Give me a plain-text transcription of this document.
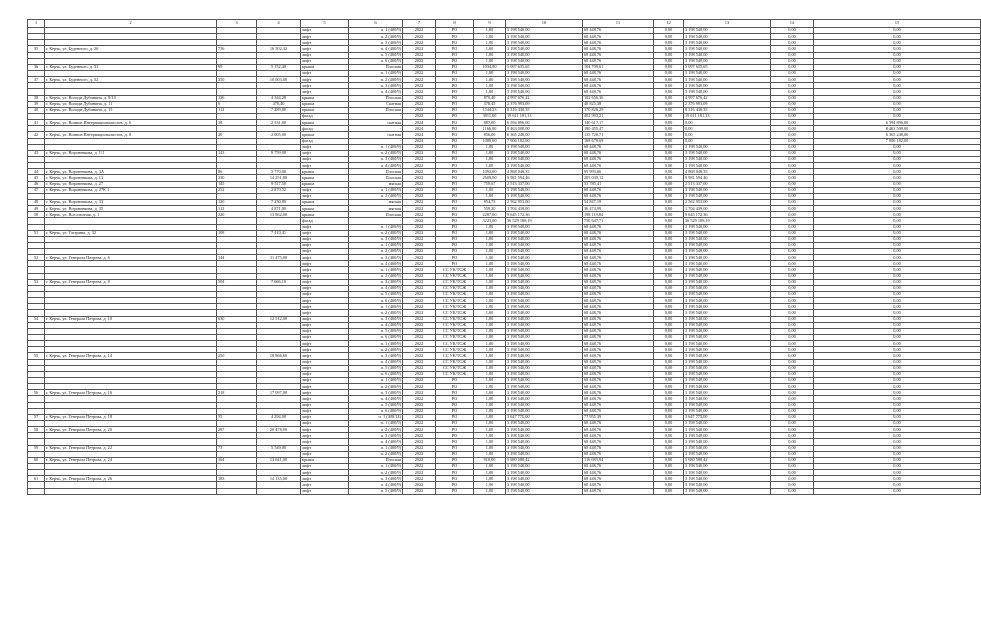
1	2	3	4	5	6	7	8	9	10	11	12	13	14	15
				лифт	п. 1 (400/9)	2022	РО	1,00	3 198 540,00	68 448,76	0,00	3 198 540,00	0,00	0,00
				лифт	п. 2 (400/9)	2022	РО	1,00	3 198 540,00	68 448,76	0,00	3 198 540,00	0,00	0,00
				лифт	п. 3 (400/9)	2022	РО	1,00	3 198 540,00	68 448,76	0,00	3 198 540,00	0,00	0,00
35	г. Керчь, ул. Буденного, д. 26	756	16 502,42	лифт	п. 4 (400/9)	2022	РО	1,00	3 198 540,00	68 448,76	0,00	3 198 540,00	0,00	0,00
				лифт	п. 5 (400/9)	2022	РО	1,00	3 198 540,00	68 448,76	0,00	3 198 540,00	0,00	0,00
				лифт	п. 6 (400/9)	2022	РО	1,00	3 198 540,00	68 448,76	0,00	3 198 540,00	0,00	0,00
36	г. Керчь, ул. Буденного, д. 31	69	5 152,40	крыша	Плоская	2022	РО	1034,00	5 097 635,65	104 709,61	0,00	5 097 635,65	0,00	0,00
				лифт	п. 1 (400/9)	2022	РО	1,00	3 198 540,00	68 448,76	0,00	3 198 540,00	0,00	0,00
37	г. Керчь, ул. Буденного, д. 32	350	10 003,00	лифт	п. 2 (400/9)	2022	РО	1,00	3 198 540,00	68 448,76	0,00	3 198 540,00	0,00	0,00
				лифт	п. 3 (400/9)	2022	РО	1,00	3 198 540,00	68 448,76	0,00	3 198 540,00	0,00	0,00
				лифт	п. 4 (400/9)	2022	РО	1,00	3 198 540,00	68 448,76	0,00	3 198 540,00	0,00	0,00
38	г. Керчь, ул. Володи Дубинина, д. 9/19	126	4 344,28	крыша	Плоская	2022	РО	870,40	4 997 676,42	102 656,36	0,00	4 997 676,42	0,00	0,00
39	г. Керчь, ул. Володи Дубинина, д. 11	6	478,40	крыша	Скатная	2022	РО	378,45	2 376 993,09	48 825,38	0,00	2 376 993,09	0,00	0,00
40	г. Керчь, ул. Володи Дубинина, д. 15	112	7 289,80	крыша	Плоская	2022	РО	1544,23	8 316 430,35	170 826,29	0,00	8 316 430,35	0,00	0,00
				фасад	-	2022	РО	3911,00	19 611 181,13	402 993,21	0,00	19 611 181,13	0,00	0,00
41	г. Керчь, ул. Воинов Интернационалистов, д. 6	18	2 531,00	крыша	скатная	2024	РО	887,00	6 594 896,00	140 617,17	0,00	0,00	0,00	6 594 896,00
				фасад	-	2024	РО	1166,00	8 463 508,00	180 455,47	0,00	0,00	0,00	8 463 508,00
42	г. Керчь, ул. Воинов Интернационалистов, д. 8	20	2 005,00	крыша	скатная	2024	РО	856,00	6 365 248,00	135 720,71	0,00	0,00	0,00	6 365 248,00
				фасад	-	2024	РО	1089,00	7 906 182,00	168 678,69	0,00	0,00	0,00	7 906 182,00
				лифт	п. 1 (400/9)	2022	РО	1,00	3 198 540,00	68 448,76	0,00	3 198 540,00	0,00	0,00
43	г. Керчь, ул. Вороненкова, д. 1/1	143	9 759,00	лифт	п. 2 (400/9)	2022	РО	1,00	3 198 540,00	68 448,76	0,00	3 198 540,00	0,00	0,00
				лифт	п. 3 (400/9)	2022	РО	1,00	3 198 540,00	68 448,76	0,00	3 198 540,00	0,00	0,00
				лифт	п. 4 (400/9)	2022	РО	1,00	3 198 540,00	68 448,76	0,00	3 198 540,00	0,00	0,00
44	г. Керчь, ул. Вороненкова, д. 3А	86	5 770,00	крыша	Плоская	2022	РО	1092,00	4 868 046,35	99 993,66	0,00	4 868 046,35	0,00	0,00
45	г. Керчь, ул. Вороненкова, д. 13	230	14 251,80	крыша	Плоская	2022	РО	2609,00	9 981 594,46	205 030,12	0,00	9 981 594,46	0,00	0,00
46	г. Керчь, ул. Вороненкова, д. 27	145	9 517,50	крыша	мягкая	2022	РО	759,67	2 513 337,00	53 785,41	0,00	2 513 337,00	0,00	0,00
47	г. Керчь, ул. Вороненкова, д. 27К 1	252	2 870,52	лифт	п. 1 (400/9)	2022	РО	1,00	3 198 540,00	68 448,76	0,00	3 198 540,00	0,00	0,00
				лифт	п. 2 (400/9)	2022	РО	1,00	3 198 540,00	68 448,76	0,00	3 198 540,00	0,00	0,00
48	г. Керчь, ул. Вороненкова, д. 33	120	7 230,80	крыша	мягкая	2022	РО	854,73	2 562 953,00	54 847,19	0,00	2 562 953,00	0,00	0,00
49	г. Керчь, ул. Вороненкова, д. 35	112	4 871,00	крыша	мягкая	2022	РО	559,20	1 704 439,00	36 474,99	0,00	1 704 439,00	0,00	0,00
50	г. Керчь, ул. Всесоюзная, д. 1	220	13 862,00	крыша	Плоская	2022	РО	2287,00	9 645 172,36	198 119,84	0,00	9 645 172,36	0,00	0,00
				фасад	-	2022	РО	3223,00	36 529 188,19	750 647,71	0,00	36 529 188,19	0,00	0,00
				лифт	п. 1 (400/9)	2022	РО	1,00	3 198 540,00	68 448,76	0,00	3 198 540,00	0,00	0,00
51	г. Керчь, ул. Гагарина, д. 32	108	7 410,41	лифт	п. 2 (400/9)	2022	РО	1,00	3 198 540,00	68 448,76	0,00	3 198 540,00	0,00	0,00
				лифт	п. 3 (400/9)	2022	РО	1,00	3 198 540,00	68 448,76	0,00	3 198 540,00	0,00	0,00
				лифт	п. 1 (400/9)	2022	РО	1,00	3 198 540,00	68 448,76	0,00	3 198 540,00	0,00	0,00
				лифт	п. 2 (400/9)	2022	РО	1,00	3 198 540,00	68 448,76	0,00	3 198 540,00	0,00	0,00
52	г. Керчь, ул. Генерала Петрова, д. 6	144	11 475,00	лифт	п. 3 (400/9)	2022	РО	1,00	3 198 540,00	68 448,76	0,00	3 198 540,00	0,00	0,00
				лифт	п. 4 (400/9)	2022	РО	1,00	3 198 540,00	68 448,76	0,00	3 198 540,00	0,00	0,00
				лифт	п. 1 (400/9)	2022	СС УК/ТСЖ	1,00	3 198 540,00	68 448,76	0,00	3 198 540,00	0,00	0,00
				лифт	п. 2 (400/9)	2022	СС УК/ТСЖ	1,00	3 198 540,00	68 448,76	0,00	3 198 540,00	0,00	0,00
53	г. Керчь, ул. Генерала Петрова, д. 8	504	7 666,10	лифт	п. 3 (400/9)	2022	СС УК/ТСЖ	1,00	3 198 540,00	68 448,76	0,00	3 198 540,00	0,00	0,00
				лифт	п. 4 (400/9)	2022	СС УК/ТСЖ	1,00	3 198 540,00	68 448,76	0,00	3 198 540,00	0,00	0,00
				лифт	п. 5 (400/9)	2022	СС УК/ТСЖ	1,00	3 198 540,00	68 448,76	0,00	3 198 540,00	0,00	0,00
				лифт	п. 6 (400/9)	2022	СС УК/ТСЖ	1,00	3 198 540,00	68 448,76	0,00	3 198 540,00	0,00	0,00
				лифт	п. 1 (400/9)	2022	СС УК/ТСЖ	1,00	3 198 540,00	68 448,76	0,00	3 198 540,00	0,00	0,00
				лифт	п. 2 (400/9)	2022	СС УК/ТСЖ	1,00	3 198 540,00	68 448,76	0,00	3 198 540,00	0,00	0,00
54	г. Керчь, ул. Генерала Петрова, д. 10	630	12 512,00	лифт	п. 3 (400/9)	2022	СС УК/ТСЖ	1,00	3 198 540,00	68 448,76	0,00	3 198 540,00	0,00	0,00
				лифт	п. 4 (400/9)	2022	СС УК/ТСЖ	1,00	3 198 540,00	68 448,76	0,00	3 198 540,00	0,00	0,00
				лифт	п. 5 (400/9)	2022	СС УК/ТСЖ	1,00	3 198 540,00	68 448,76	0,00	3 198 540,00	0,00	0,00
				лифт	п. 6 (400/9)	2022	СС УК/ТСЖ	1,00	3 198 540,00	68 448,76	0,00	3 198 540,00	0,00	0,00
				лифт	п. 1 (400/9)	2022	СС УК/ТСЖ	1,00	3 198 540,00	68 448,76	0,00	3 198 540,00	0,00	0,00
				лифт	п. 2 (400/9)	2022	СС УК/ТСЖ	1,00	3 198 540,00	68 448,76	0,00	3 198 540,00	0,00	0,00
55	г. Керчь, ул. Генерала Петрова, д. 14	250	18 866,60	лифт	п. 3 (400/9)	2022	СС УК/ТСЖ	1,00	3 198 540,00	68 448,76	0,00	3 198 540,00	0,00	0,00
				лифт	п. 4 (400/9)	2022	СС УК/ТСЖ	1,00	3 198 540,00	68 448,76	0,00	3 198 540,00	0,00	0,00
				лифт	п. 5 (400/9)	2022	СС УК/ТСЖ	1,00	3 198 540,00	68 448,76	0,00	3 198 540,00	0,00	0,00
				лифт	п. 6 (400/9)	2022	СС УК/ТСЖ	1,00	3 198 540,00	68 448,76	0,00	3 198 540,00	0,00	0,00
				лифт	п. 1 (400/9)	2022	РО	1,00	3 198 540,00	68 448,76	0,00	3 198 540,00	0,00	0,00
				лифт	п. 2 (400/9)	2022	РО	1,00	3 198 540,00	68 448,76	0,00	3 198 540,00	0,00	0,00
56	г. Керчь, ул. Генерала Петрова, д. 16	218	17 097,00	лифт	п. 3 (400/9)	2022	РО	1,00	3 198 540,00	68 448,76	0,00	3 198 540,00	0,00	0,00
				лифт	п. 4 (400/9)	2022	РО	1,00	3 198 540,00	68 448,76	0,00	3 198 540,00	0,00	0,00
				лифт	п. 5 (400/9)	2022	РО	1,00	3 198 540,00	68 448,76	0,00	3 198 540,00	0,00	0,00
				лифт	п. 6 (400/9)	2022	РО	1,00	3 198 540,00	68 448,76	0,00	3 198 540,00	0,00	0,00
57	г. Керчь, ул. Генерала Петрова, д. 18	55	4 294,00	лифт	п. 1 (400/14)	2022	РО	1,00	3 647 775,00	77 955,39	0,00	3 647 775,00	0,00	0,00
				лифт	п. 1 (400/9)	2022	РО	1,00	3 198 540,00	68 448,76	0,00	3 198 540,00	0,00	0,00
58	г. Керчь, ул. Генерала Петрова, д. 20	287	20 478,00	лифт	п. 2 (400/9)	2022	РО	1,00	3 198 540,00	68 448,76	0,00	3 198 540,00	0,00	0,00
				лифт	п. 3 (400/9)	2022	РО	1,00	3 198 540,00	68 448,76	0,00	3 198 540,00	0,00	0,00
				лифт	п. 4 (400/9)	2022	РО	1,00	3 198 540,00	68 448,76	0,00	3 198 540,00	0,00	0,00
59	г. Керчь, ул. Генерала Петрова, д. 22	73	5 549,00	лифт	п. 1 (400/9)	2022	РО	1,00	3 198 540,00	68 448,76	0,00	3 198 540,00	0,00	0,00
				лифт	п. 2 (400/9)	2022	РО	1,00	3 198 540,00	68 448,76	0,00	3 198 540,00	0,00	0,00
60	г. Керчь, ул. Генерала Петрова, д. 24	164	13 641,00	крыша	Плоская	2022	РО	910,00	5 680 588,42	116 683,94	0,00	5 680 588,42	0,00	0,00
				лифт	п. 1 (400/9)	2022	РО	1,00	3 198 540,00	68 448,76	0,00	3 198 540,00	0,00	0,00
				лифт	п. 2 (400/9)	2022	РО	1,00	3 198 540,00	68 448,76	0,00	3 198 540,00	0,00	0,00
61	г. Керчь, ул. Генерала Петрова, д. 26	183	14 135,00	лифт	п. 3 (400/9)	2022	РО	1,00	3 198 540,00	68 448,76	0,00	3 198 540,00	0,00	0,00
				лифт	п. 4 (400/9)	2022	РО	1,00	3 198 540,00	68 448,76	0,00	3 198 540,00	0,00	0,00
				лифт	п. 5 (400/9)	2022	РО	1,00	3 198 540,00	68 448,76	0,00	3 198 540,00	0,00	0,00
